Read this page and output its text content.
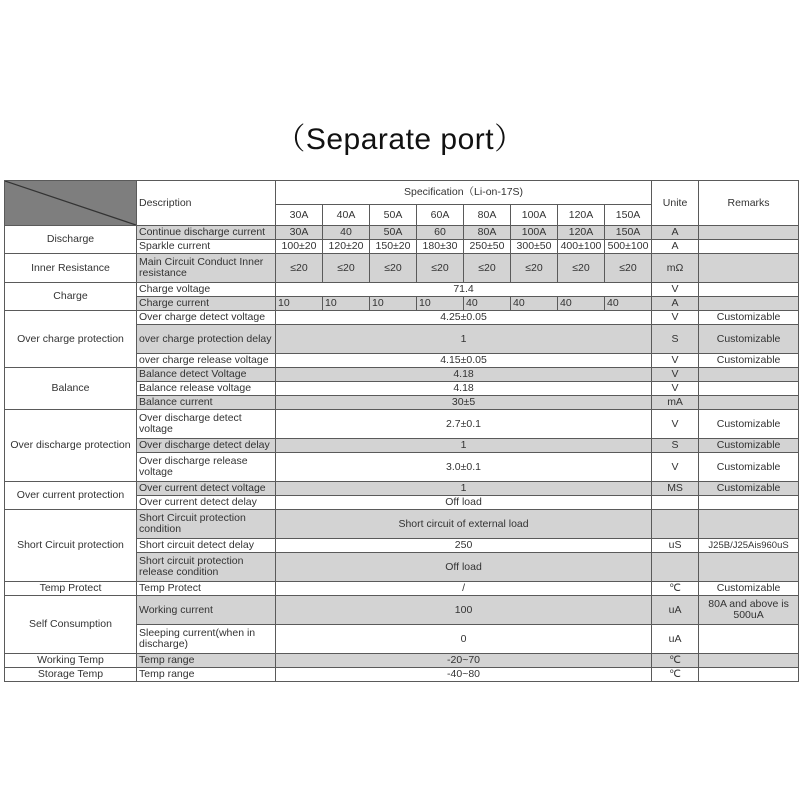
（Separate port）
	Description	Specification（Li-on-17S)								Unite	Remarks
		30A	40A	50A	60A	80A	100A	120A	150A		
Discharge	Continue discharge current	30A	40	50A	60	80A	100A	120A	150A	A	
	Sparkle current	100±20	120±20	150±20	180±30	250±50	300±50	400±100	500±100	A	
Inner Resistance	Main Circuit Conduct Inner resistance	≤20	≤20	≤20	≤20	≤20	≤20	≤20	≤20	mΩ	
Charge	Charge voltage	71.4								V	
	Charge current	10	10	10	10	40	40	40	40	A	
Over charge protection	Over charge detect voltage	4.25±0.05								V	Customizable
	over charge protection delay	1								S	Customizable
	over charge release voltage	4.15±0.05								V	Customizable
Balance	Balance detect Voltage	4.18								V	
	Balance release voltage	4.18								V	
	Balance current	30±5								mA	
Over discharge protection	Over discharge detect voltage	2.7±0.1								V	Customizable
	Over discharge detect delay	1								S	Customizable
	Over discharge release voltage	3.0±0.1								V	Customizable
Over current protection	Over current detect voltage	1								MS	Customizable
	Over current detect delay	Off load									
Short Circuit protection	Short Circuit protection condition	Short circuit of external load									
	Short circuit detect delay	250								uS	J25B/J25Ais960uS
	Short circuit protection release condition	Off load									
Temp Protect	Temp Protect	/								℃	Customizable
Self Consumption	Working current	100								uA	80A and above is 500uA
	Sleeping current(when in discharge)	0								uA	
Working Temp	Temp range	-20~70								℃	
Storage Temp	Temp range	-40~80								℃	
